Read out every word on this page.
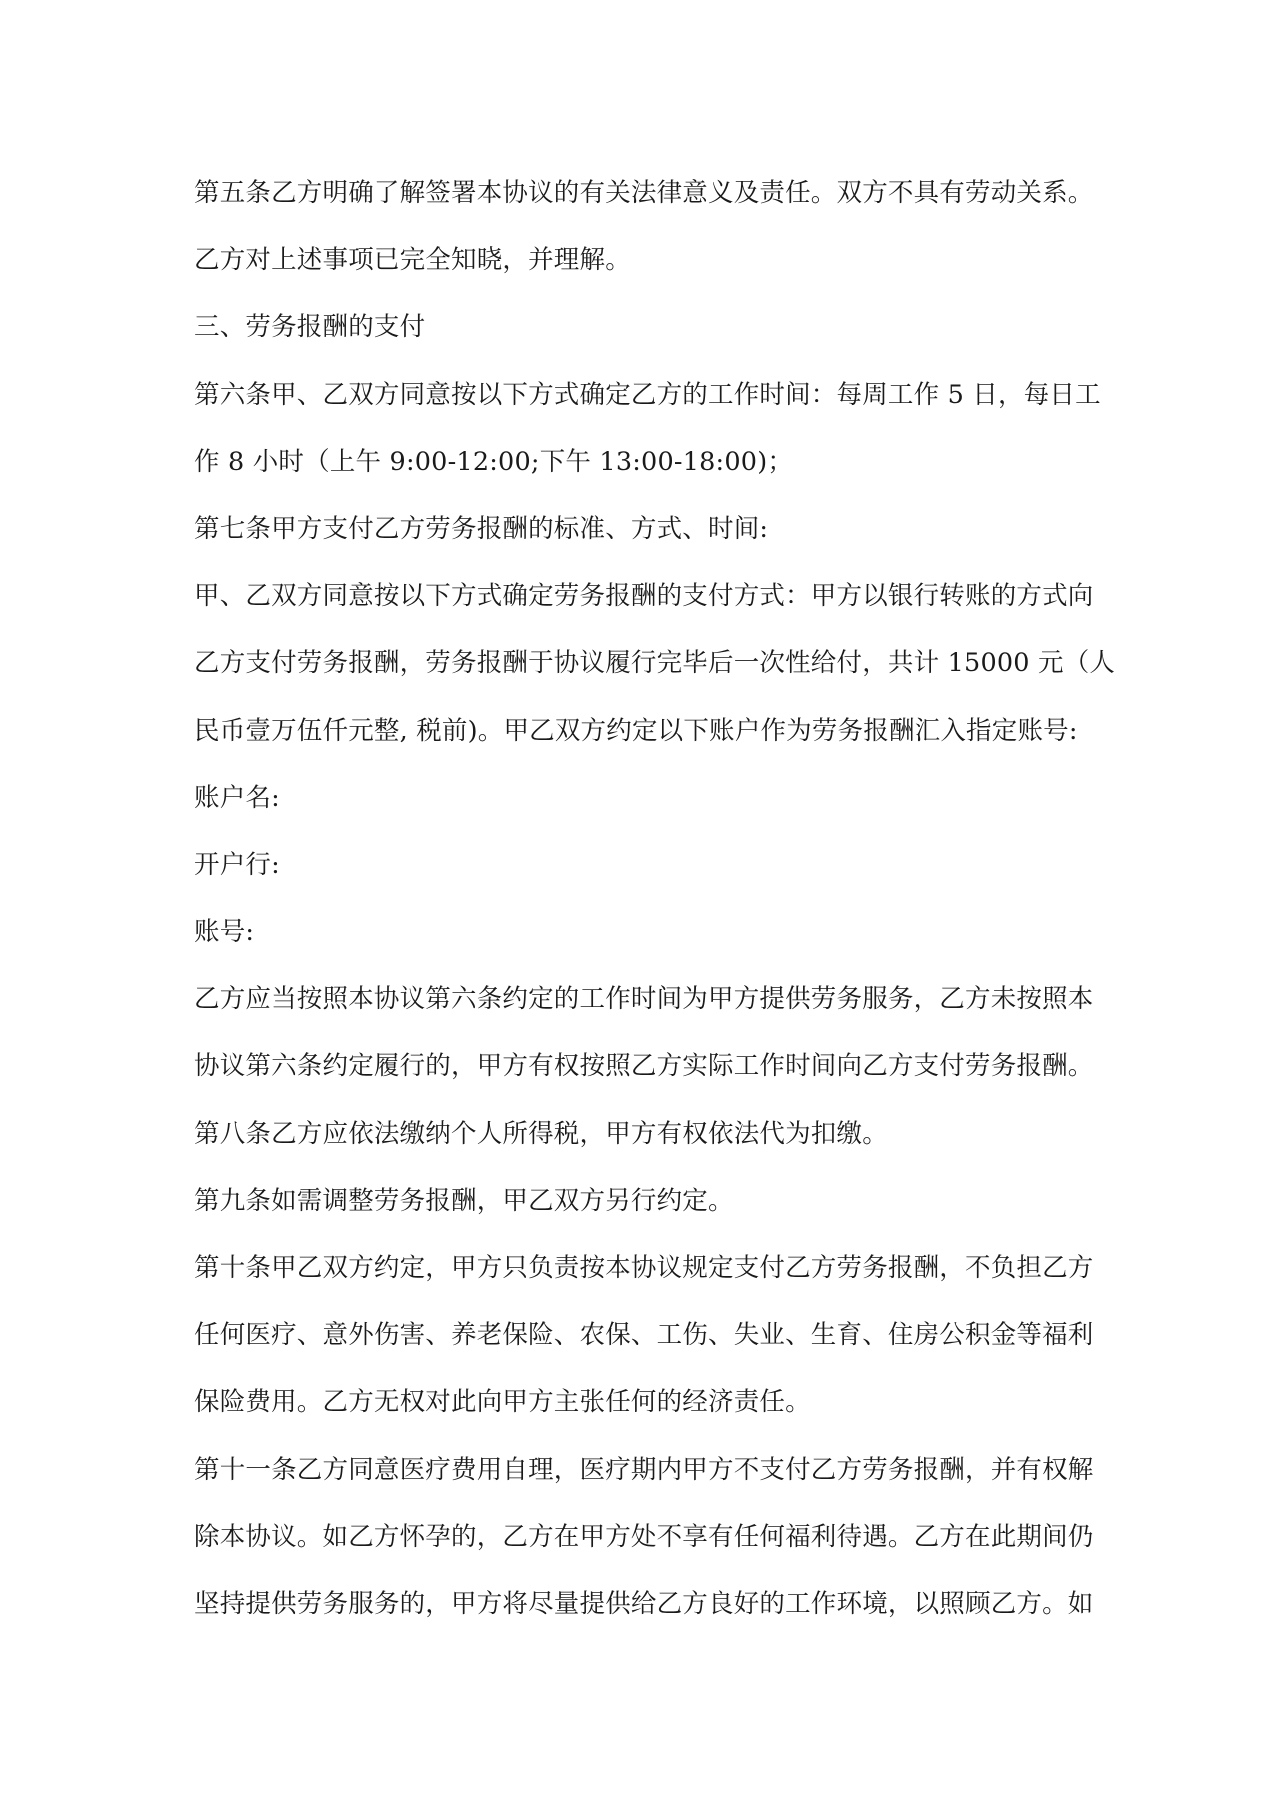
第五条乙方明确了解签署本协议的有关法律意义及责任。双方不具有劳动关系。
乙方对上述事项已完全知晓，并理解。
三、劳务报酬的支付
第六条甲、乙双方同意按以下方式确定乙方的工作时间：每周工作 5 日，每日工
作 8 小时（上午 9:00-12:00;下午 13:00-18:00)；
第七条甲方支付乙方劳务报酬的标准、方式、时间:
甲、乙双方同意按以下方式确定劳务报酬的支付方式：甲方以银行转账的方式向
乙方支付劳务报酬，劳务报酬于协议履行完毕后一次性给付，共计 15000 元（人
民币壹万伍仟元整, 税前)。甲乙双方约定以下账户作为劳务报酬汇入指定账号:
账户名:
开户行:
账号:
乙方应当按照本协议第六条约定的工作时间为甲方提供劳务服务，乙方未按照本
协议第六条约定履行的，甲方有权按照乙方实际工作时间向乙方支付劳务报酬。
第八条乙方应依法缴纳个人所得税，甲方有权依法代为扣缴。
第九条如需调整劳务报酬，甲乙双方另行约定。
第十条甲乙双方约定，甲方只负责按本协议规定支付乙方劳务报酬，不负担乙方
任何医疗、意外伤害、养老保险、农保、工伤、失业、生育、住房公积金等福利
保险费用。乙方无权对此向甲方主张任何的经济责任。
第十一条乙方同意医疗费用自理，医疗期内甲方不支付乙方劳务报酬，并有权解
除本协议。如乙方怀孕的，乙方在甲方处不享有任何福利待遇。乙方在此期间仍
坚持提供劳务服务的，甲方将尽量提供给乙方良好的工作环境，以照顾乙方。如
